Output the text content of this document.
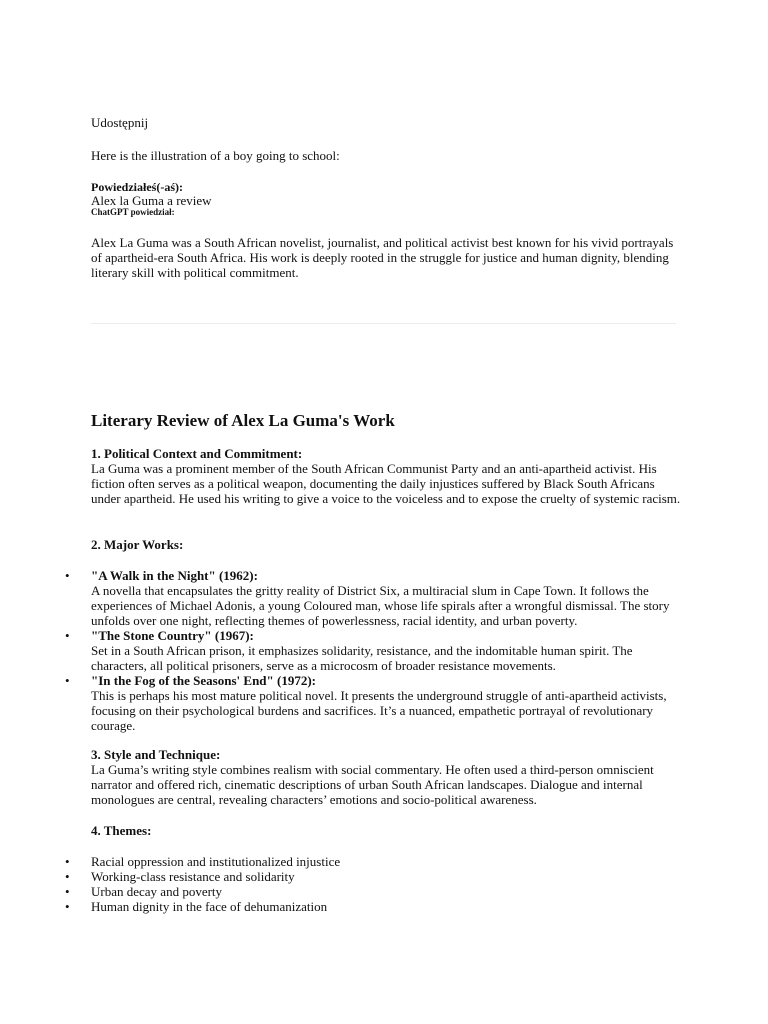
Udostępnij
Here is the illustration of a boy going to school:
Powiedziałeś(-aś):
Alex la Guma a review
ChatGPT powiedział:
Alex La Guma was a South African novelist, journalist, and political activist best known for his vivid portrayals of apartheid-era South Africa. His work is deeply rooted in the struggle for justice and human dignity, blending literary skill with political commitment.
Literary Review of Alex La Guma's Work
1. Political Context and Commitment:
La Guma was a prominent member of the South African Communist Party and an anti-apartheid activist. His fiction often serves as a political weapon, documenting the daily injustices suffered by Black South Africans under apartheid. He used his writing to give a voice to the voiceless and to expose the cruelty of systemic racism.
2. Major Works:
• "A Walk in the Night" (1962):
A novella that encapsulates the gritty reality of District Six, a multiracial slum in Cape Town. It follows the experiences of Michael Adonis, a young Coloured man, whose life spirals after a wrongful dismissal. The story unfolds over one night, reflecting themes of powerlessness, racial identity, and urban poverty.
• "The Stone Country" (1967):
Set in a South African prison, it emphasizes solidarity, resistance, and the indomitable human spirit. The characters, all political prisoners, serve as a microcosm of broader resistance movements.
• "In the Fog of the Seasons' End" (1972):
This is perhaps his most mature political novel. It presents the underground struggle of anti-apartheid activists, focusing on their psychological burdens and sacrifices. It’s a nuanced, empathetic portrayal of revolutionary courage.
3. Style and Technique:
La Guma’s writing style combines realism with social commentary. He often used a third-person omniscient narrator and offered rich, cinematic descriptions of urban South African landscapes. Dialogue and internal monologues are central, revealing characters’ emotions and socio-political awareness.
4. Themes:
• Racial oppression and institutionalized injustice
• Working-class resistance and solidarity
• Urban decay and poverty
• Human dignity in the face of dehumanization
